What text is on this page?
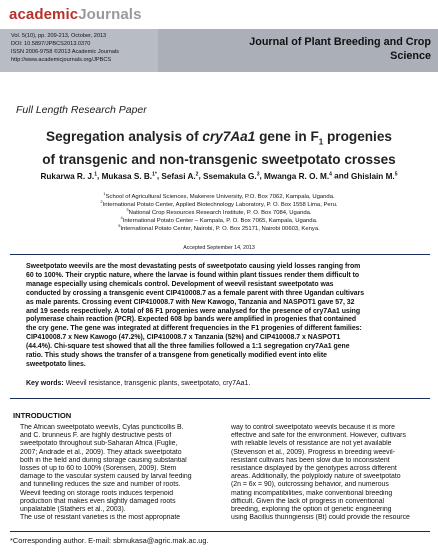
academicJournals
Vol. 5(10), pp. 209-213, October, 2013
DOI: 10.5897/JPBCS2013.0370
ISSN 2006-9758 ©2013 Academic Journals
http://www.academicjournals.org/JPBCS
Journal of Plant Breeding and Crop Science
Full Length Research Paper
Segregation analysis of cry7Aa1 gene in $F_1$ progenies
of transgenic and non-transgenic sweetpotato crosses
Rukarwa R. J.$^1$, Mukasa S. B.$^{1*}$, Sefasi A.$^2$, Ssemakula G.$^3$, Mwanga R. O. M.$^4$ and Ghislain M.$^5$
$^1$School of Agricultural Sciences, Makerere University, P.O. Box 7062, Kampala, Uganda.
$^2$International Potato Center, Applied Biotechnology Laboratory, P. O. Box 1558 Lima, Peru.
$^3$National Crop Resources Research Institute, P. O. Box 7084, Uganda.
$^4$International Potato Center – Kampala, P. O. Box 7065, Kampala, Uganda.
$^5$International Potato Center, Nairobi, P. O. Box 25171, Nairobi 00603, Kenya.
Accepted September 14, 2013
Sweetpotato weevils are the most devastating pests of sweetpotato causing yield losses ranging from
60 to 100%. Their cryptic nature, where the larvae is found within plant tissues render them difficult to
manage especially using chemicals control. Development of weevil resistant sweetpotato was
conducted by crossing a transgenic event CIP410008.7 as a female parent with three Ugandan cultivars
as male parents. Crossing event CIP410008.7 with New Kawogo, Tanzania and NASPOT1 gave 57, 32
and 19 seeds respectively. A total of 86 F1 progenies were analysed for the presence of cry7Aa1 using
polymerase chain reaction (PCR). Expected 608 bp bands were amplified in progenies that contained
the cry gene. The gene was integrated at different frequencies in the F1 progenies of different families:
CIP410008.7 x New Kawogo (47.2%), CIP410008.7 x Tanzania (52%) and CIP410008.7 x NASPOT1
(44.4%). Chi-square test showed that all the three families followed a 1:1 segregation cry7Aa1 gene
ratio. This study shows the transfer of a transgene from genetically modified event into elite
sweetpotato lines.
Key words: Weevil resistance, transgenic plants, sweetpotato, cry7Aa1.
INTRODUCTION
The African sweetpotato weevils, Cylas puncticollis B.
and C. brunneus F. are highly destructive pests of
sweetpotato throughout sub-Saharan Africa (Fuglie,
2007; Andrade et al., 2009). They attack sweetpotato
both in the field and during storage causing substantial
losses of up to 60 to 100% (Sorensen, 2009). Stem
damage to the vascular system caused by larval feeding
and tunnelling reduces the size and number of roots.
Weevil feeding on storage roots induces terpenoid
production that makes even slightly damaged roots
unpalatable (Stathers et al., 2003).
The use of resistant varieties is the most appropriate
way to control sweetpotato weevils because it is more
effective and safe for the environment. However, cultivars
with reliable levels of resistance are not yet available
(Stevenson et al., 2009). Progress in breeding weevil-
resistant cultivars has been slow due to inconsistent
resistance displayed by the genotypes across different
areas. Additionally, the polyploidy nature of sweetpotato
(2n = 6x = 90), outcrossing behavior, and numerous
mating incompatibilities, make conventional breeding
difficult. Given the lack of progress in conventional
breeding, exploring the option of genetic engineering
using Bacillus thuringiensis (Bt) could provide the resource
*Corresponding author. E-mail: sbmukasa@agric.mak.ac.ug.
